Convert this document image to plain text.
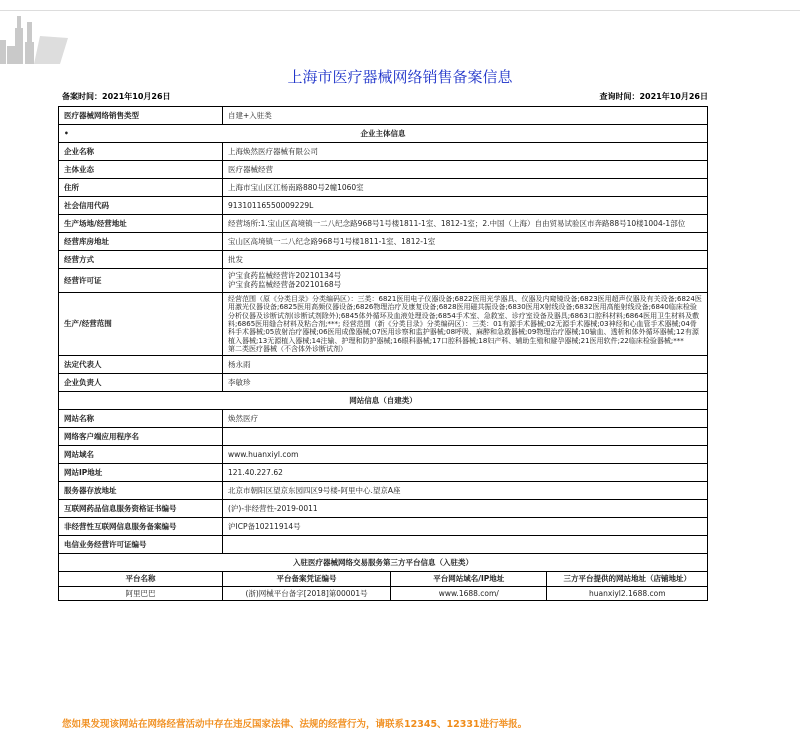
上海市医疗器械网络销售备案信息
备案时间：2021年10月26日	查询时间：2021年10月26日
医疗器械网络销售类型	自建+入驻类		

• 企业主体信息			
企业名称	上海焕然医疗器械有限公司		
主体业态	医疗器械经营		
住所	上海市宝山区江杨南路880号2幢1060室		
社会信用代码	91310116550009229L		
生产场地/经营地址	经营场所:1.宝山区高境镇一二八纪念路968号1号楼1811-1室、1812-1室；2.中国（上海）自由贸易试验区市奔路88号10楼1004-1部位		
经营库房地址	宝山区高境镇一二八纪念路968号1号楼1811-1室、1812-1室		
经营方式	批发		
经营许可证	沪宝食药监械经营许20210134号
沪宝食药监械经营备20210168号		
生产/经营范围	经营范围（原《分类目录》分类编码区）：三类：6821医用电子仪器设备;6822医用光学器具、仪器及内窥镜设备;6823医用超声仪器及有关设备;6824医用激光仪器设备;6825医用高频仪器设备;6826物理治疗及康复设备;6828医用磁共振设备;6830医用X射线设备;6832医用高能射线设备;6840临床检验分析仪器及诊断试剂(诊断试剂除外);6845体外循环及血液处理设备;6854手术室、急救室、诊疗室设备及器具;6863口腔科材料;6864医用卫生材料及敷料;6865医用缝合材料及粘合剂;***; 经营范围（新《分类目录》分类编码区）：三类：01有源手术器械;02无源手术器械;03神经和心血管手术器械;04骨科手术器械;05放射治疗器械;06医用成像器械;07医用诊察和监护器械;08呼吸、麻醉和急救器械;09物理治疗器械;10输血、透析和体外循环器械;12有源植入器械;13无源植入器械;14注输、护理和防护器械;16眼科器械;17口腔科器械;18妇产科、辅助生殖和避孕器械;21医用软件;22临床检验器械;***
第二类医疗器械（不含体外诊断试剂）		
法定代表人	杨永雨		
企业负责人	李敏珍		
网站信息（自建类）			
网站名称	焕然医疗		
网络客户端应用程序名			
网站域名	www.huanxiyl.com		
网站IP地址	121.40.227.62		
服务器存放地址	北京市朝阳区望京东园四区9号楼-阿里中心.望京A座		
互联网药品信息服务资格证书编号	(沪)-非经营性-2019-0011		
非经营性互联网信息服务备案编号	沪ICP备10211914号		
电信业务经营许可证编号			
入驻医疗器械网络交易服务第三方平台信息（入驻类）			
平台名称	平台备案凭证编号	平台网站域名/IP地址	三方平台提供的网站地址（店铺地址）
阿里巴巴	(浙)网械平台备字[2018]第00001号	www.1688.com/	huanxiyl2.1688.com
您如果发现该网站在网络经营活动中存在违反国家法律、法规的经营行为，请联系12345、12331进行举报。
